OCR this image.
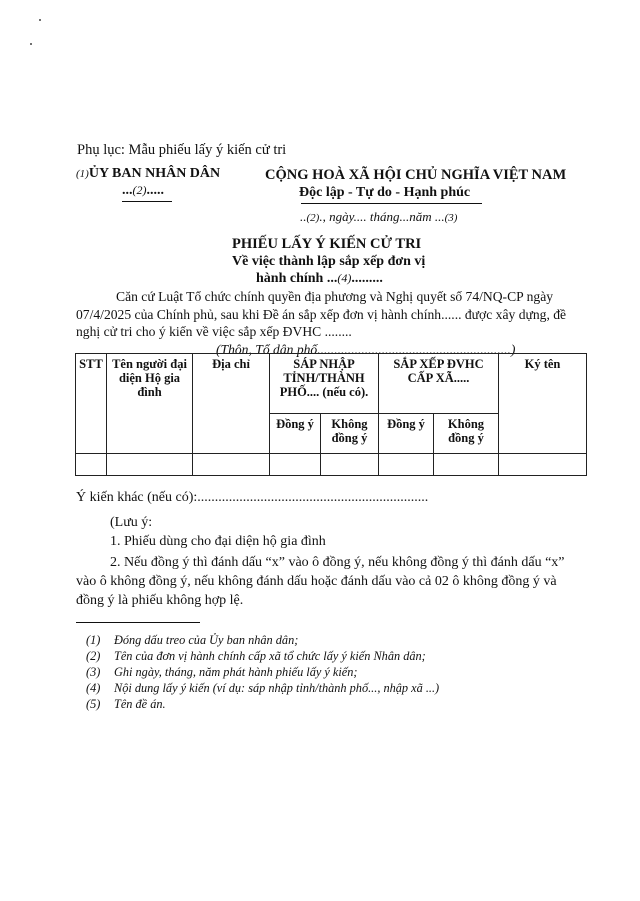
Phụ lục: Mẫu phiếu lấy ý kiến cử tri
(1)ỦY BAN NHÂN DÂN
...(2).....
CỘNG HOÀ XÃ HỘI CHỦ NGHĨA VIỆT NAM
Độc lập - Tự do - Hạnh phúc
..(2)., ngày.... tháng...năm ...(3)
PHIẾU LẤY Ý KIẾN CỬ TRI
Về việc thành lập sắp xếp đơn vị
hành chính ...(4).........
Căn cứ Luật Tổ chức chính quyền địa phương và Nghị quyết số 74/NQ-CP ngày 07/4/2025 của Chính phủ, sau khi Đề án sắp xếp đơn vị hành chính...... được xây dựng, đề nghị cử tri cho ý kiến về việc sắp xếp ĐVHC ........
(Thôn, Tổ dân phố.........................................................)
STT	Tên người đại diện Hộ gia đình	Địa chỉ	SÁP NHẬP TỈNH/THÀNH PHỐ.... (nếu có).		SẮP XẾP ĐVHC CẤP XÃ.....		Ký tên
			Đồng ý	Không đồng ý	Đồng ý	Không đồng ý	

Ý kiến khác (nếu có):..................................................................
(Lưu ý:
1. Phiếu dùng cho đại diện hộ gia đình
2. Nếu đồng ý thì đánh dấu “x” vào ô đồng ý, nếu không đồng ý thì đánh dấu “x” vào ô không đồng ý, nếu không đánh dấu hoặc đánh dấu vào cả 02 ô không đồng ý và đồng ý là phiếu không hợp lệ.
(1) Đóng dấu treo của Ủy ban nhân dân;
(2) Tên của đơn vị hành chính cấp xã tổ chức lấy ý kiến Nhân dân;
(3) Ghi ngày, tháng, năm phát hành phiếu lấy ý kiến;
(4) Nội dung lấy ý kiến (ví dụ: sáp nhập tỉnh/thành phố..., nhập xã ...)
(5) Tên đề án.
